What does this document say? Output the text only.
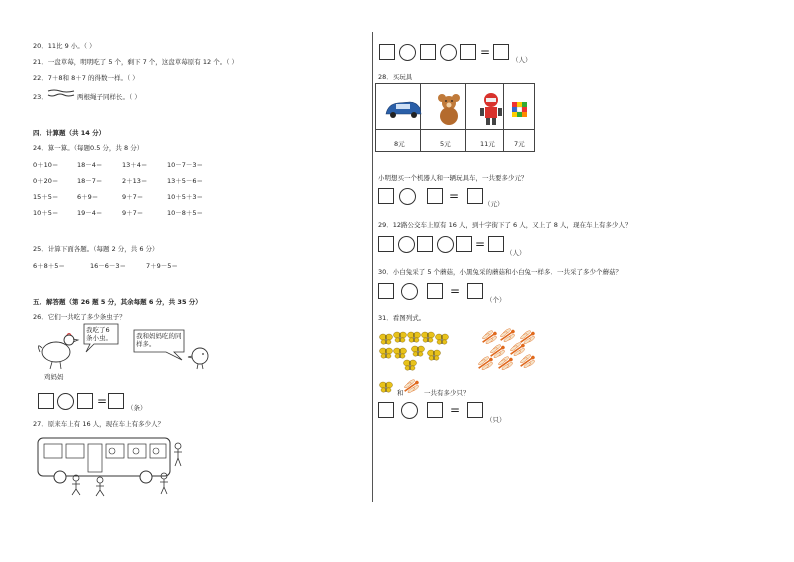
20．11比 9 小。（ ）
21．一盘草莓，明明吃了 5 个，剩下 7 个，这盘草莓原有 12 个。（ ）
22．7＋8和 8＋7 的得数一样。（ ）
23．	两根绳子同样长。（ ）
四．计算题（共 14 分）
24．算一算。（每题0.5 分，共 8 分）
0＋10＝	18－4＝	13＋4＝	10－7－3＝
0＋20＝	18－7＝	2＋13＝	13＋5－6＝
15＋5＝	6＋9＝	9＋7＝	10＋5＋3＝
10＋5＝	19－4＝	9＋7＝	10－8＋5＝
25．计算下面各题。（每题 2 分，共 6 分）
6＋8＋5＝	16－6－3＝	7＋9－5＝
五．解答题（第 26 题 5 分，其余每题 6 分，共 35 分）
26．它们一共吃了多少条虫子？
我吃了6条小虫。	我和妈妈吃的同样多。
鸡妈妈
=	（条）
27．原来车上有 16 人，现在车上有多少人？
=
（人）
28．买玩具
8元	5元	11元	7元
小明想买一个机器人和一辆玩具车，一共要多少元？
=
（元）
29．12路公交车上原有 16 人，到十字街下了 6 人，又上了 8 人，现在车上有多少人？
=
（人）
30．小白兔采了 5 个蘑菇，小黑兔采的蘑菇和小白兔一样多．一共采了多少个蘑菇？
=
（个）
31．看图列式。
和	一共有多少只？
=
（只）
